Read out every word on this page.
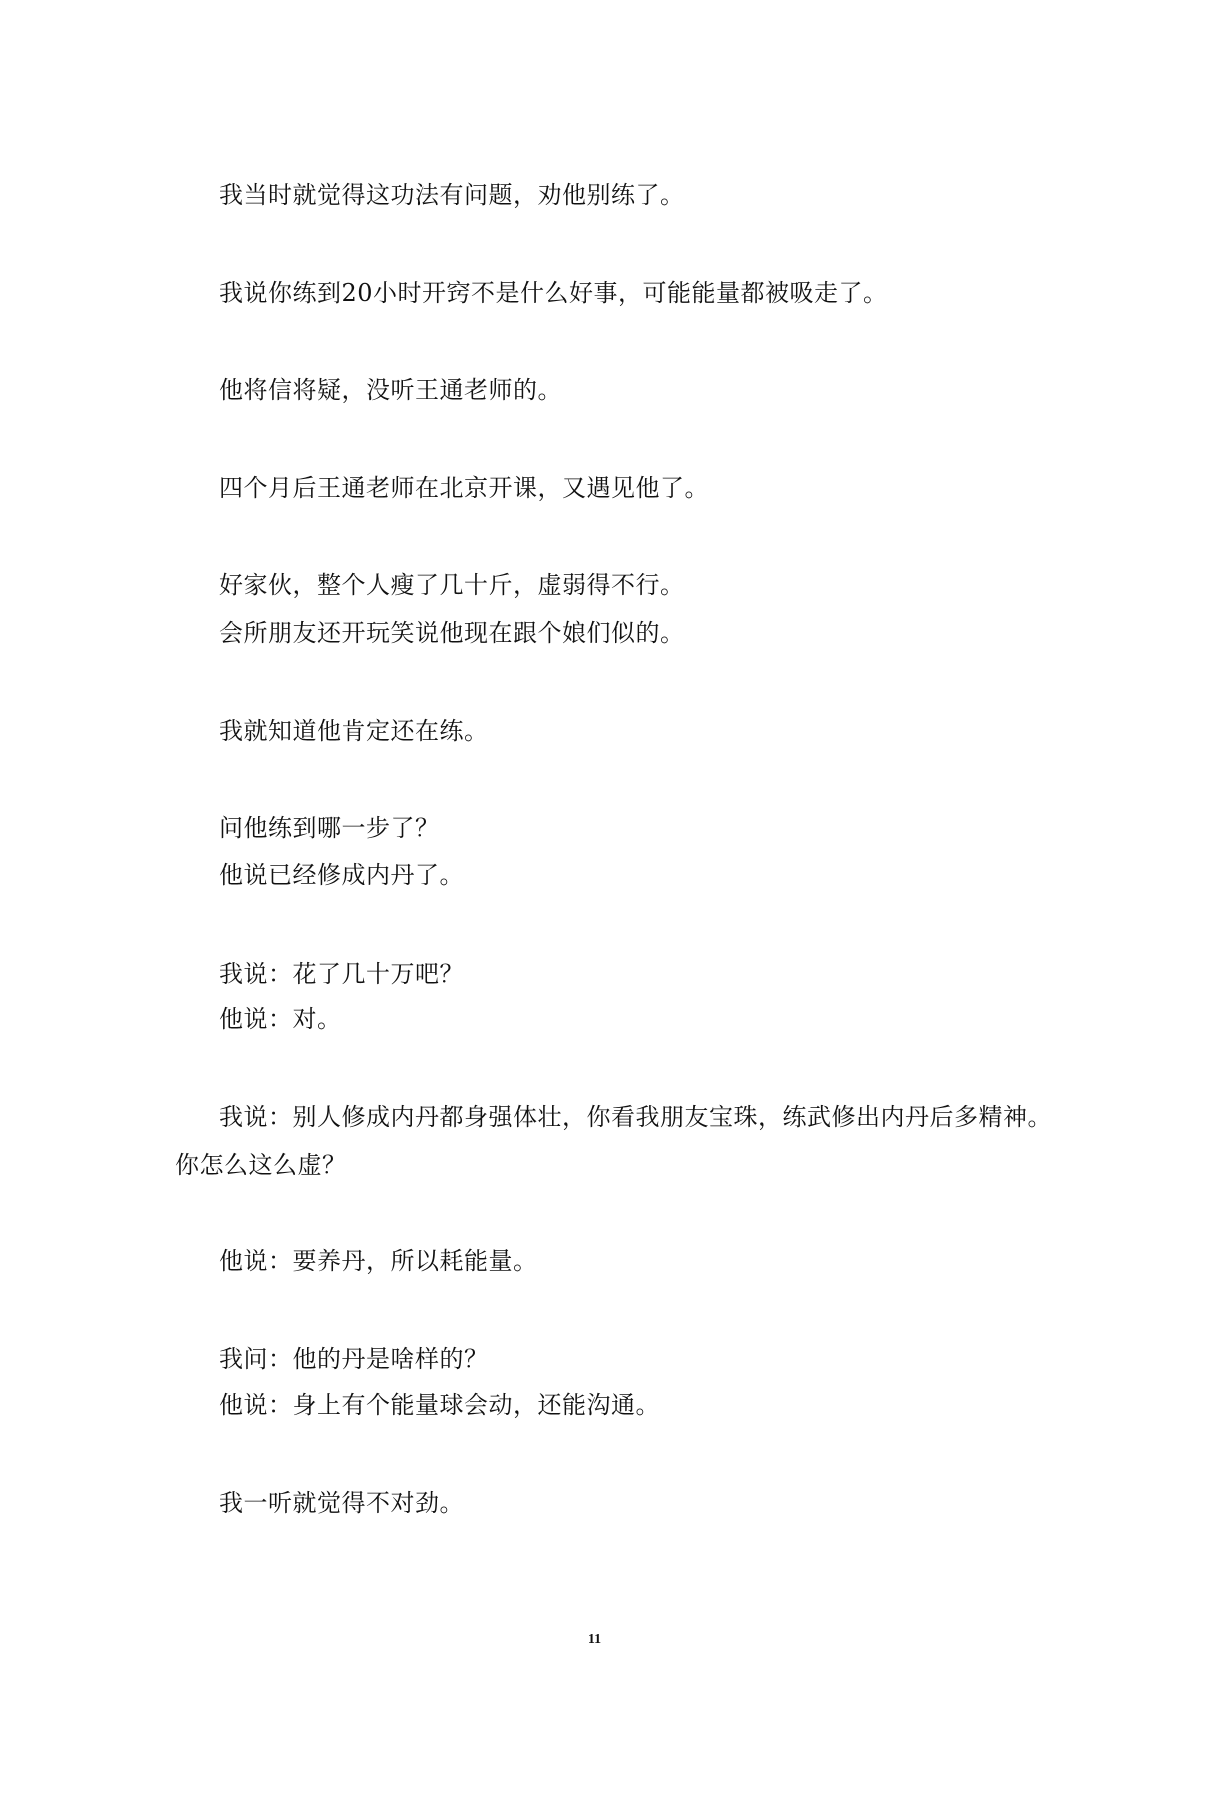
我当时就觉得这功法有问题，劝他别练了。
我说你练到20小时开窍不是什么好事，可能能量都被吸走了。
他将信将疑，没听王通老师的。
四个月后王通老师在北京开课，又遇见他了。
好家伙，整个人瘦了几十斤，虚弱得不行。
会所朋友还开玩笑说他现在跟个娘们似的。
我就知道他肯定还在练。
问他练到哪一步了？
他说已经修成内丹了。
我说：花了几十万吧？
他说：对。
我说：别人修成内丹都身强体壮，你看我朋友宝珠，练武修出内丹后多精神。
你怎么这么虚？
他说：要养丹，所以耗能量。
我问：他的丹是啥样的？
他说：身上有个能量球会动，还能沟通。
我一听就觉得不对劲。
11
